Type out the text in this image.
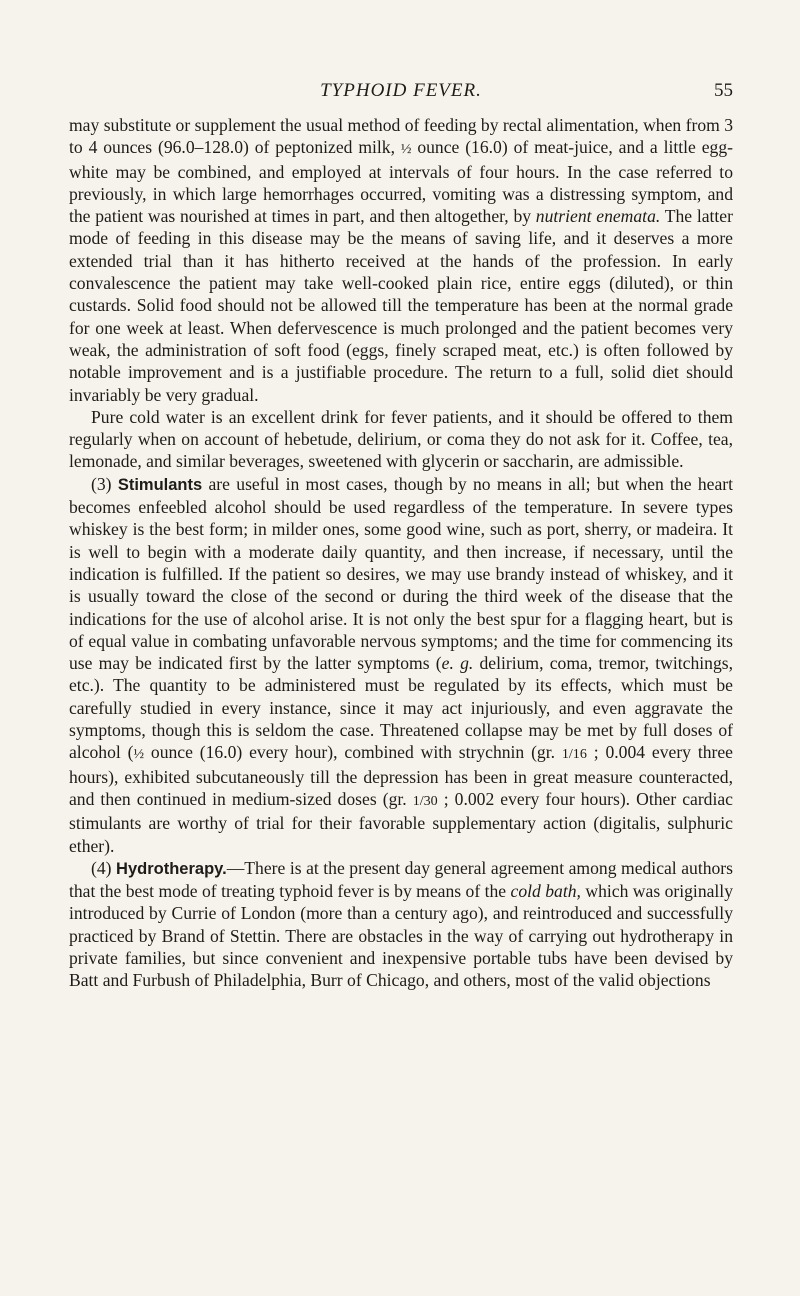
TYPHOID FEVER.	55

may substitute or supplement the usual method of feeding by rectal alimentation, when from 3 to 4 ounces (96.0–128.0) of peptonized milk, ½ ounce (16.0) of meat-juice, and a little egg-white may be combined, and employed at intervals of four hours. In the case referred to previously, in which large hemorrhages occurred, vomiting was a distressing symptom, and the patient was nourished at times in part, and then altogether, by nutrient enemata. The latter mode of feeding in this disease may be the means of saving life, and it deserves a more extended trial than it has hitherto received at the hands of the profession. In early convalescence the patient may take well-cooked plain rice, entire eggs (diluted), or thin custards. Solid food should not be allowed till the temperature has been at the normal grade for one week at least. When defervescence is much prolonged and the patient becomes very weak, the administration of soft food (eggs, finely scraped meat, etc.) is often followed by notable improvement and is a justifiable procedure. The return to a full, solid diet should invariably be very gradual.

Pure cold water is an excellent drink for fever patients, and it should be offered to them regularly when on account of hebetude, delirium, or coma they do not ask for it. Coffee, tea, lemonade, and similar beverages, sweetened with glycerin or saccharin, are admissible.

(3) Stimulants are useful in most cases, though by no means in all; but when the heart becomes enfeebled alcohol should be used regardless of the temperature. In severe types whiskey is the best form; in milder ones, some good wine, such as port, sherry, or madeira. It is well to begin with a moderate daily quantity, and then increase, if necessary, until the indication is fulfilled. If the patient so desires, we may use brandy instead of whiskey, and it is usually toward the close of the second or during the third week of the disease that the indications for the use of alcohol arise. It is not only the best spur for a flagging heart, but is of equal value in combating unfavorable nervous symptoms; and the time for commencing its use may be indicated first by the latter symptoms (e. g. delirium, coma, tremor, twitchings, etc.). The quantity to be administered must be regulated by its effects, which must be carefully studied in every instance, since it may act injuriously, and even aggravate the symptoms, though this is seldom the case. Threatened collapse may be met by full doses of alcohol (½ ounce (16.0) every hour), combined with strychnin (gr. 1/16 ; 0.004 every three hours), exhibited subcutaneously till the depression has been in great measure counteracted, and then continued in medium-sized doses (gr. 1/30 ; 0.002 every four hours). Other cardiac stimulants are worthy of trial for their favorable supplementary action (digitalis, sulphuric ether).

(4) Hydrotherapy.—There is at the present day general agreement among medical authors that the best mode of treating typhoid fever is by means of the cold bath, which was originally introduced by Currie of London (more than a century ago), and reintroduced and successfully practiced by Brand of Stettin. There are obstacles in the way of carrying out hydrotherapy in private families, but since convenient and inexpensive portable tubs have been devised by Batt and Furbush of Philadelphia, Burr of Chicago, and others, most of the valid objections
